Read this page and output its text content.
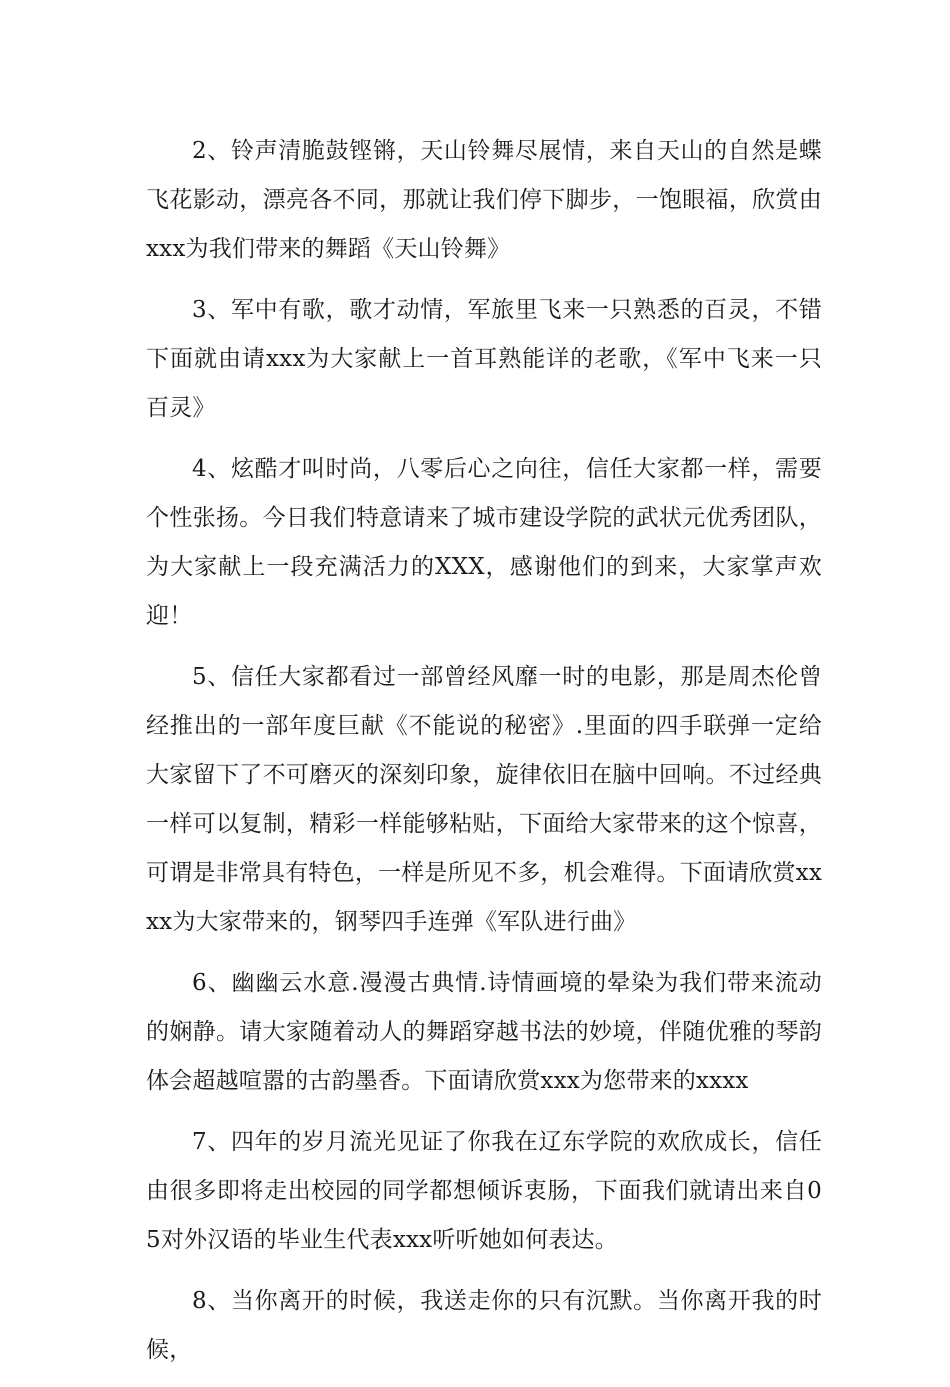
2、铃声清脆鼓铿锵，天山铃舞尽展情，来自天山的自然是蝶飞花影动，漂亮各不同，那就让我们停下脚步，一饱眼福，欣赏由xxx为我们带来的舞蹈《天山铃舞》

3、军中有歌，歌才动情，军旅里飞来一只熟悉的百灵，不错下面就由请xxx为大家献上一首耳熟能详的老歌，《军中飞来一只百灵》

4、炫酷才叫时尚，八零后心之向往，信任大家都一样，需要个性张扬。今日我们特意请来了城市建设学院的武状元优秀团队，为大家献上一段充满活力的XXX，感谢他们的到来，大家掌声欢迎！

5、信任大家都看过一部曾经风靡一时的电影，那是周杰伦曾经推出的一部年度巨献《不能说的秘密》.里面的四手联弹一定给大家留下了不可磨灭的深刻印象，旋律依旧在脑中回响。不过经典一样可以复制，精彩一样能够粘贴，下面给大家带来的这个惊喜，可谓是非常具有特色，一样是所见不多，机会难得。下面请欣赏xxxx为大家带来的，钢琴四手连弹《军队进行曲》

6、幽幽云水意.漫漫古典情.诗情画境的晕染为我们带来流动的娴静。请大家随着动人的舞蹈穿越书法的妙境，伴随优雅的琴韵体会超越喧嚣的古韵墨香。下面请欣赏xxx为您带来的xxxx

7、四年的岁月流光见证了你我在辽东学院的欢欣成长，信任由很多即将走出校园的同学都想倾诉衷肠，下面我们就请出来自05对外汉语的毕业生代表xxx听听她如何表达。

8、当你离开的时候，我送走你的只有沉默。当你离开我的时候，
